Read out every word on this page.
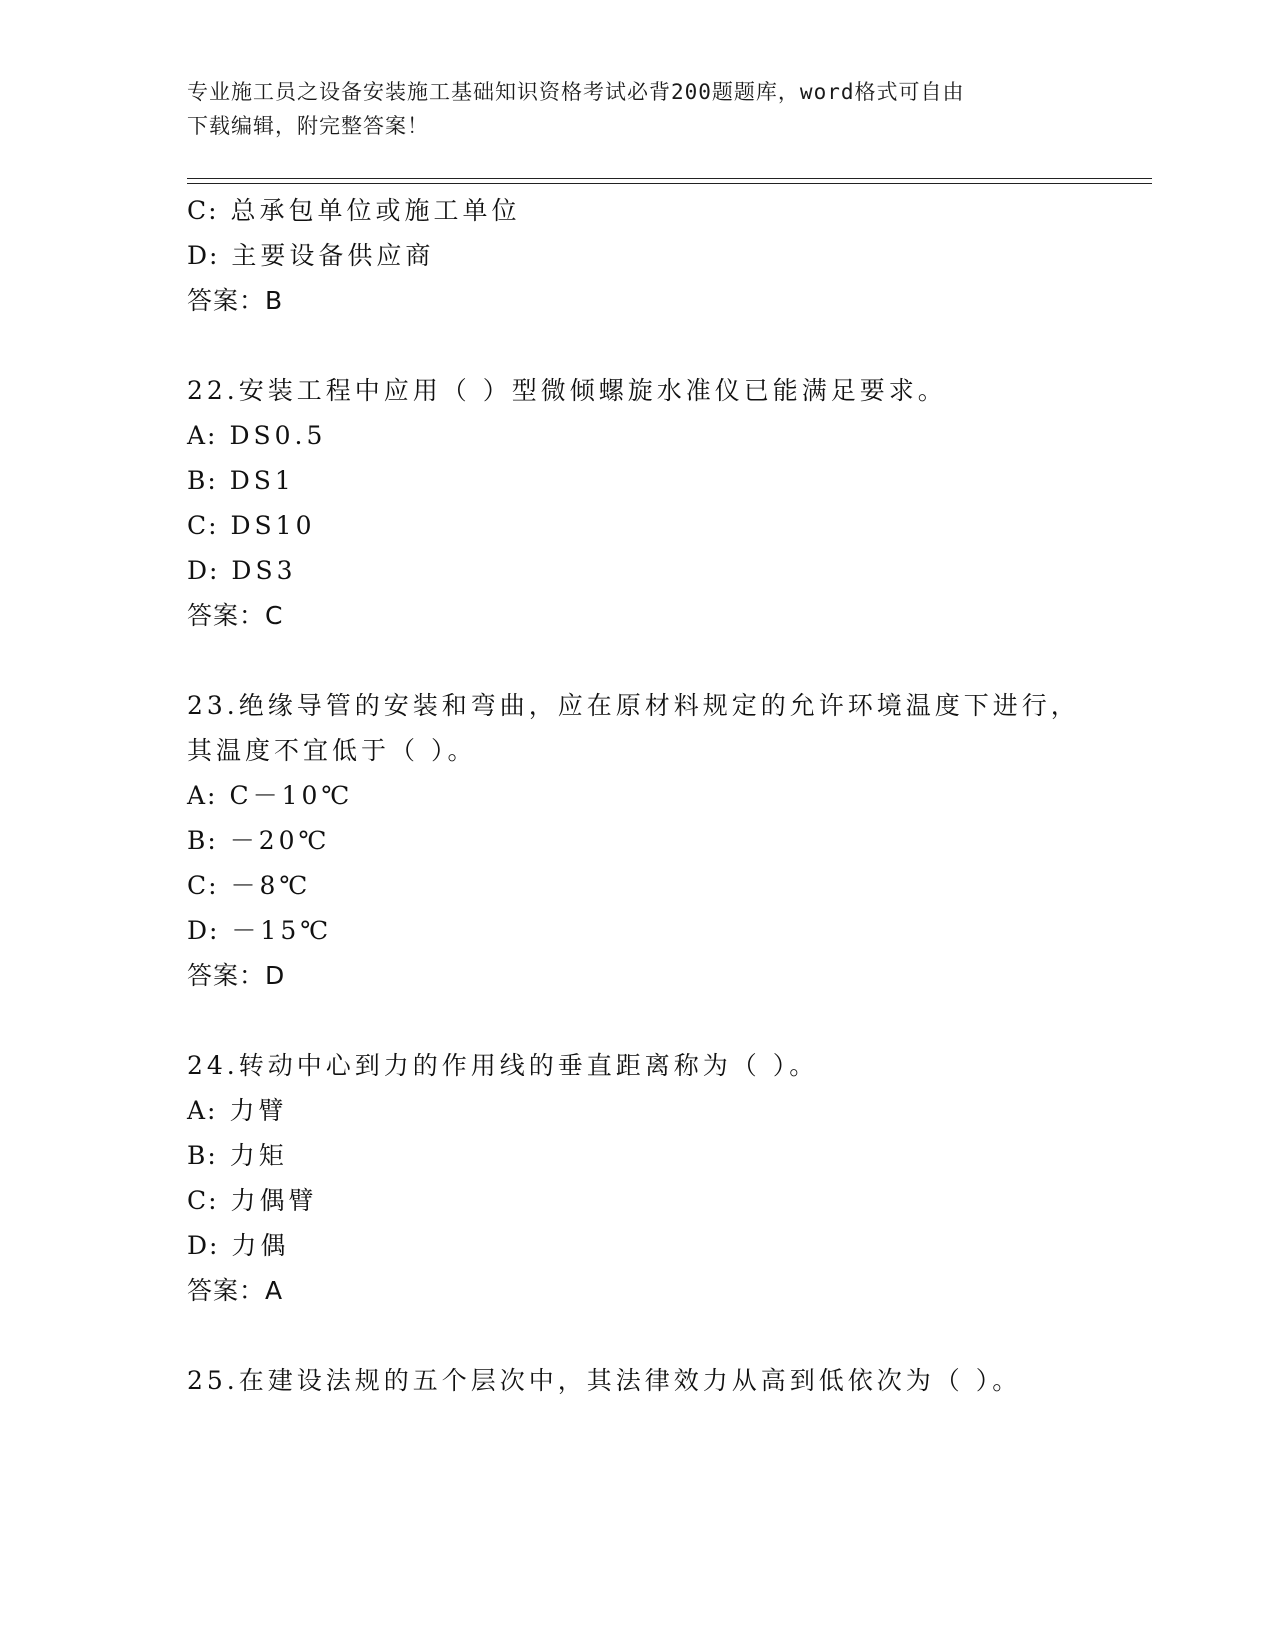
专业施工员之设备安装施工基础知识资格考试必背200题题库，word格式可自由
下载编辑，附完整答案！
C: 总承包单位或施工单位
D: 主要设备供应商
答案：B
22.安装工程中应用（ ）型微倾螺旋水准仪已能满足要求。
A: DS0.5
B: DS1
C: DS10
D: DS3
答案：C
23.绝缘导管的安装和弯曲，应在原材料规定的允许环境温度下进行，
其温度不宜低于（ ）。
A: C－10℃
B: －20℃
C: －8℃
D: －15℃
答案：D
24.转动中心到力的作用线的垂直距离称为（ ）。
A: 力臂
B: 力矩
C: 力偶臂
D: 力偶
答案：A
25.在建设法规的五个层次中，其法律效力从高到低依次为（ ）。
